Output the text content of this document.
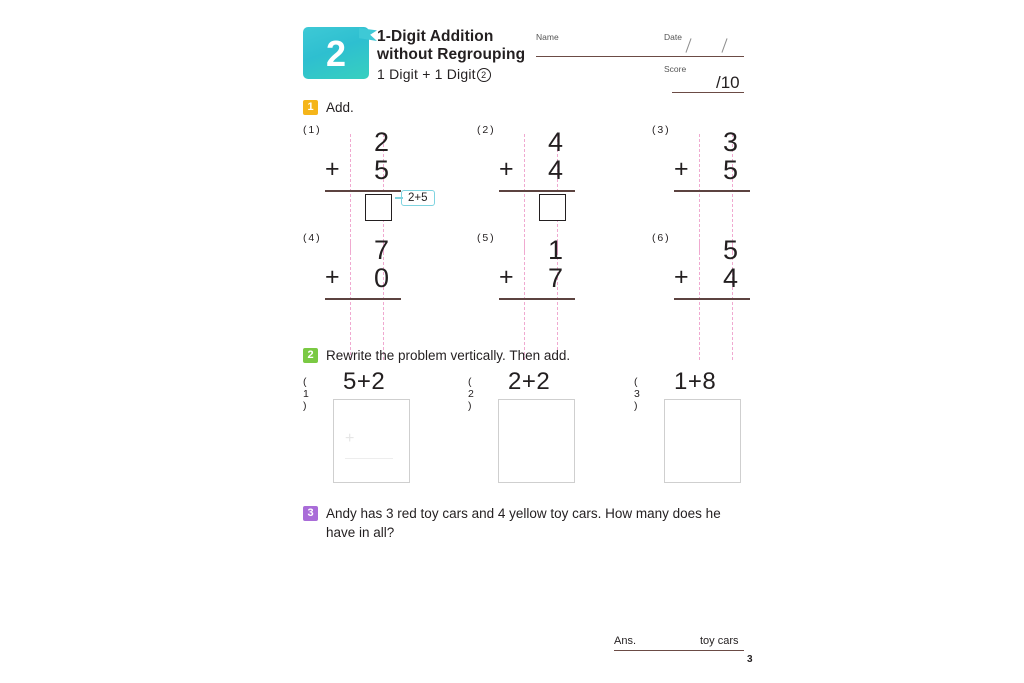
2	1-Digit Addition
without Regrouping
1 Digit + 1 Digit 2
Name	Date
Score
/10
1 Add.
( 1 )	2
+	5
2+5
( 2 )	4
+	4
( 3 )	3
+	5
( 4 )	7
+	0
( 5 )	1
+	7
( 6 )	5
+	4
2 Rewrite the problem vertically. Then add.
( 1 )
5+2
+
( 2 )
2+2	( 3 )
1+8
3 Andy has 3 red toy cars and 4 yellow toy cars. How many does he have in all?
Ans.	toy cars
3
